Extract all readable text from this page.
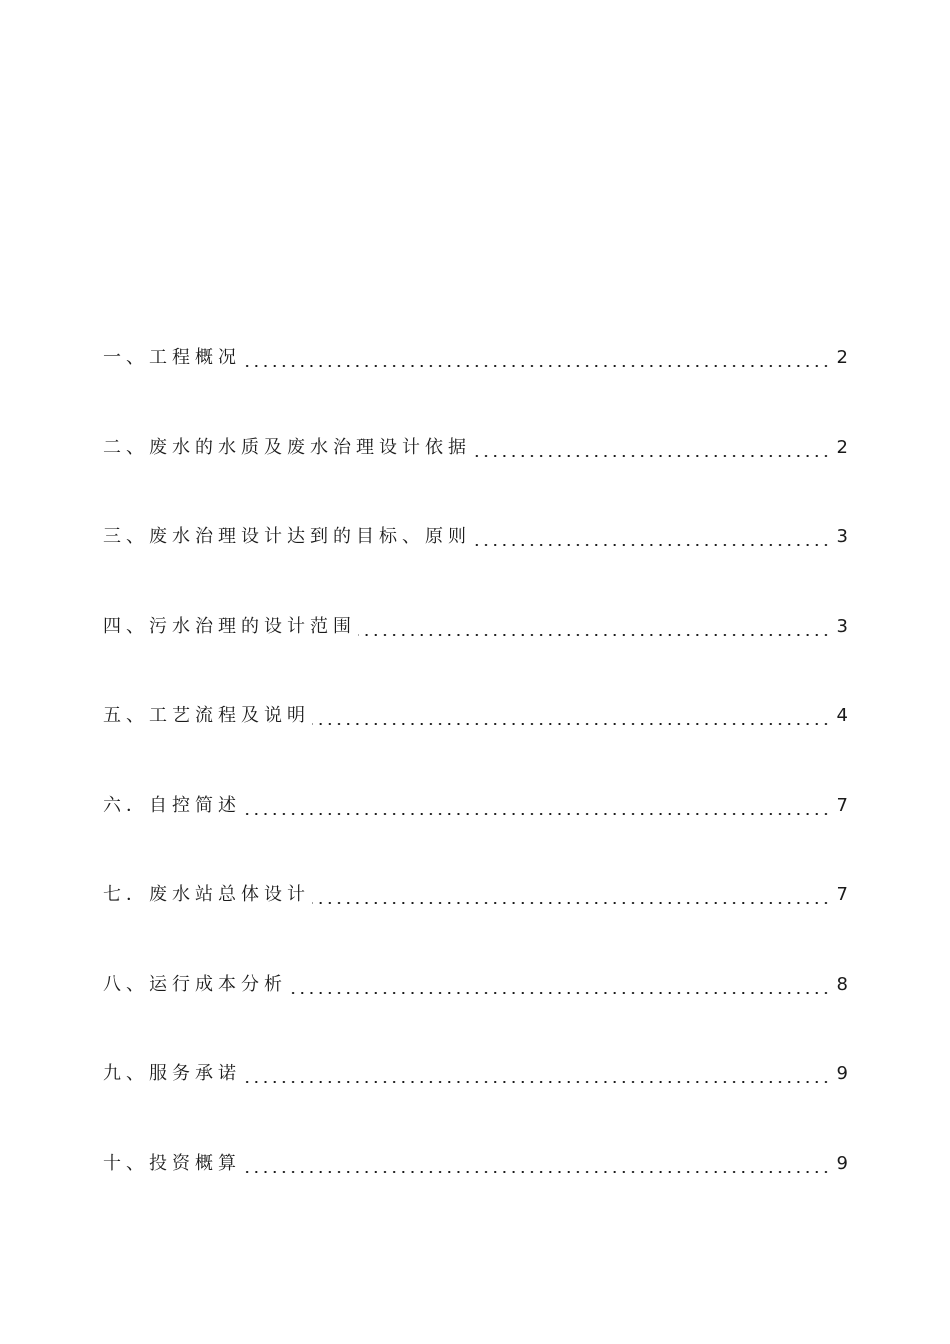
一、工程概况	2
二、废水的水质及废水治理设计依据	2
三、废水治理设计达到的目标、原则	3
四、污水治理的设计范围	3
五、工艺流程及说明	4
六．自控简述	7
七．废水站总体设计	7
八、运行成本分析	8
九、服务承诺	9
十、投资概算	9
